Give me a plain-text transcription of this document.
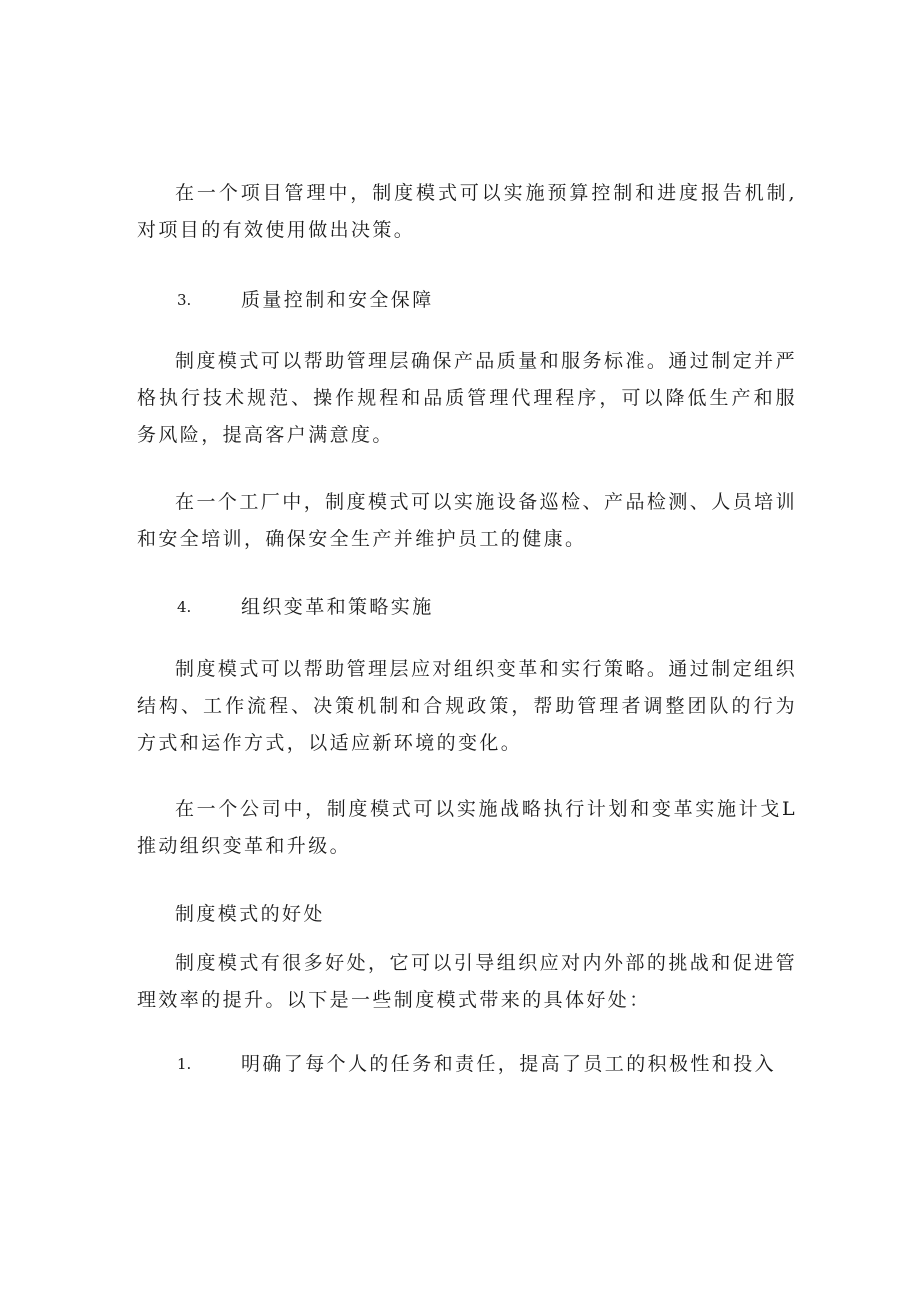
在一个项目管理中，制度模式可以实施预算控制和进度报告机制,对项目的有效使用做出决策。

3.	质量控制和安全保障

制度模式可以帮助管理层确保产品质量和服务标准。通过制定并严格执行技术规范、操作规程和品质管理代理程序，可以降低生产和服务风险，提高客户满意度。

在一个工厂中，制度模式可以实施设备巡检、产品检测、人员培训和安全培训，确保安全生产并维护员工的健康。

4.	组织变革和策略实施

制度模式可以帮助管理层应对组织变革和实行策略。通过制定组织结构、工作流程、决策机制和合规政策，帮助管理者调整团队的行为方式和运作方式，以适应新环境的变化。

在一个公司中，制度模式可以实施战略执行计划和变革实施计戈L推动组织变革和升级。

制度模式的好处

制度模式有很多好处，它可以引导组织应对内外部的挑战和促进管理效率的提升。以下是一些制度模式带来的具体好处：

1.	明确了每个人的任务和责任，提高了员工的积极性和投入
